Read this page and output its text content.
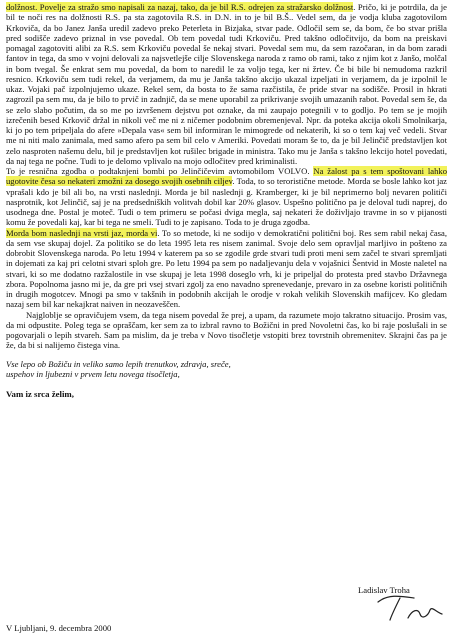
dolžnost. Povelje za stražo smo napisali za nazaj, tako, da je bil R.S. odrejen za stražarsko dolžnost. Pričo, ki je potrdila, da je bil te noči res na dolžnosti R.S. pa sta zagotovila R.S. in D.N. in to je bil B.Š.. Vedel sem, da je vodja kluba zagotovilom Krkoviča, da bo Janez Janša uredil zadevo preko Peterleta in Bizjaka, stvar pade. Odločil sem se, da bom, če bo stvar prišla pred sodišče zadevo priznal in vse povedal. Ob tem povedal tudi Krkoviču. Pred takšno odločitvijo, da bom na preiskavi pomagal zagotoviti alibi za R.S. sem Krkoviču povedal še nekaj stvari. Povedal sem mu, da sem razočaran, in da bom zaradi fantov in tega, da smo v vojni delovali za najsvetlejše cilje Slovenskega naroda z ramo ob rami, tako z njim kot z Janšo, molčal in bom tvegal. Še enkrat sem mu povedal, da bom to naredil le za voljo tega, ker ni žrtev. Če bi bile bi nemudoma razkril resnico. Krkoviču sem tudi rekel, da verjamem, da mu je Janša takšno akcijo ukazal izpeljati in verjamem, da je izpolnil le ukaz. Vojaki pač izpolnjujemo ukaze. Rekel sem, da bosta to že sama razčistila, če pride stvar na sodišče. Prosil in hkrati zagrozil pa sem mu, da je bilo to prvič in zadnjič, da se mene uporabil za prikrivanje svojih umazanih rabot. Povedal sem še, da se zelo slabo počutim, da so me po izvršenem dejstvu pot oznake, da mi zaupajo potegnili v to godljo. Po tem se je mojih izrečenih besed Krkovič držal in nikoli več me ni z ničemer podobnim obremenjeval. Npr. da poteka akcija okoli Smolnikarja, ki jo po tem pripeljala do afere »Depala vas« sem bil informiran le mimogrede od nekaterih, ki so o tem kaj več vedeli. Stvar me ni niti malo zanimala, med samo afero pa sem bil celo v Ameriki. Povedati moram še to, da je bil Jelinčič predstavljen kot zelo nasproten našemu delu, bil je predstavljen kot rušilec brigade in ministra. Tako mu je Janša s takšno lekcijo hotel povedati, da naj tega ne počne. Tudi to je delomo vplivalo na mojo odločitev pred kriminalisti.

To je resnična zgodba o podtaknjeni bombi po Jelinčičevim avtomobilom VOLVO. Na žalost pa s tem spoštovani lahko ugotovite česa so nekateri zmožni za dosego svojih osebnih ciljev. Toda, to so teroristične metode. Morda se bosle lahko kot jaz vprašali kdo je bil ali bo, na vrsti naslednji. Morda je bil naslednji g. Kramberger, ki je bil neprimerno bolj nevaren političi nasprotnik, kot Jelinčič, saj je na predsedniških volitvah dobil kar 20% glasov. Uspešno politično pa je deloval tudi naprej, do usodnega dne. Postal je moteč. Tudi o tem primeru se počasi dviga megla, saj nekateri že doživljajo travme in so v pijanosti komu že povedali kaj, kar bi tega ne smeli. Tudi to je zapisano. Toda to je druga zgodba.

Morda bom naslednji na vrsti jaz, morda vi. To so metode, ki ne sodijo v demokratični politični boj. Res sem rabil nekaj časa, da sem vse skupaj dojel. Za politiko se do leta 1995 leta res nisem zanimal. Svoje delo sem opravljal marljivo in pošteno za dobrobit Slovenskega naroda. Po letu 1994 v katerem pa so se zgodile grde stvari tudi proti meni sem začel te stvari spremljati in dojemati za kaj pri celotni stvari sploh gre. Po letu 1994 pa sem po nadaljevanju dela v vojašnici Šentvid in Moste naletel na stvari, ki so me dodatno razžalostile in vse skupaj je leta 1998 doseglo vrh, ki je pripeljal do protesta pred stavbo Državnega zbora. Popolnoma jasno mi je, da gre pri vsej stvari zgolj za eno navadno sprenevedanje, prevaro in za osebne koristi političnih in drugih mogotcev. Mnogi pa smo v takšnih in podobnih akcijah le orodje v rokah velikih Slovenskih mafijcev. Ko gledam nazaj sem bil kar nekajkrat naiven in neozaveščen.

Najgloblje se opravičujem vsem, da tega nisem povedal že prej, a upam, da razumete mojo takratno situacijo. Prosim vas, da mi odpustite. Poleg tega se opraščam, ker sem za to izbral ravno to Božični in pred Novoletni čas, ko bi raje poslušali in se pogovarjali o lepih stvareh. Sam pa mislim, da je treba v Novo tisočletje vstopiti brez tovrstnih obremenitev. Skrajni čas pa je že, da bi si nalijemo čistega vina.

Vse lepo ob Božiču in veliko samo lepih trenutkov, zdravja, sreče,
uspehov in ljubezni v prvem letu novega tisočletja,
Vam iz srca želim,
Ladislav Troha
V Ljubljani, 9. decembra 2000
